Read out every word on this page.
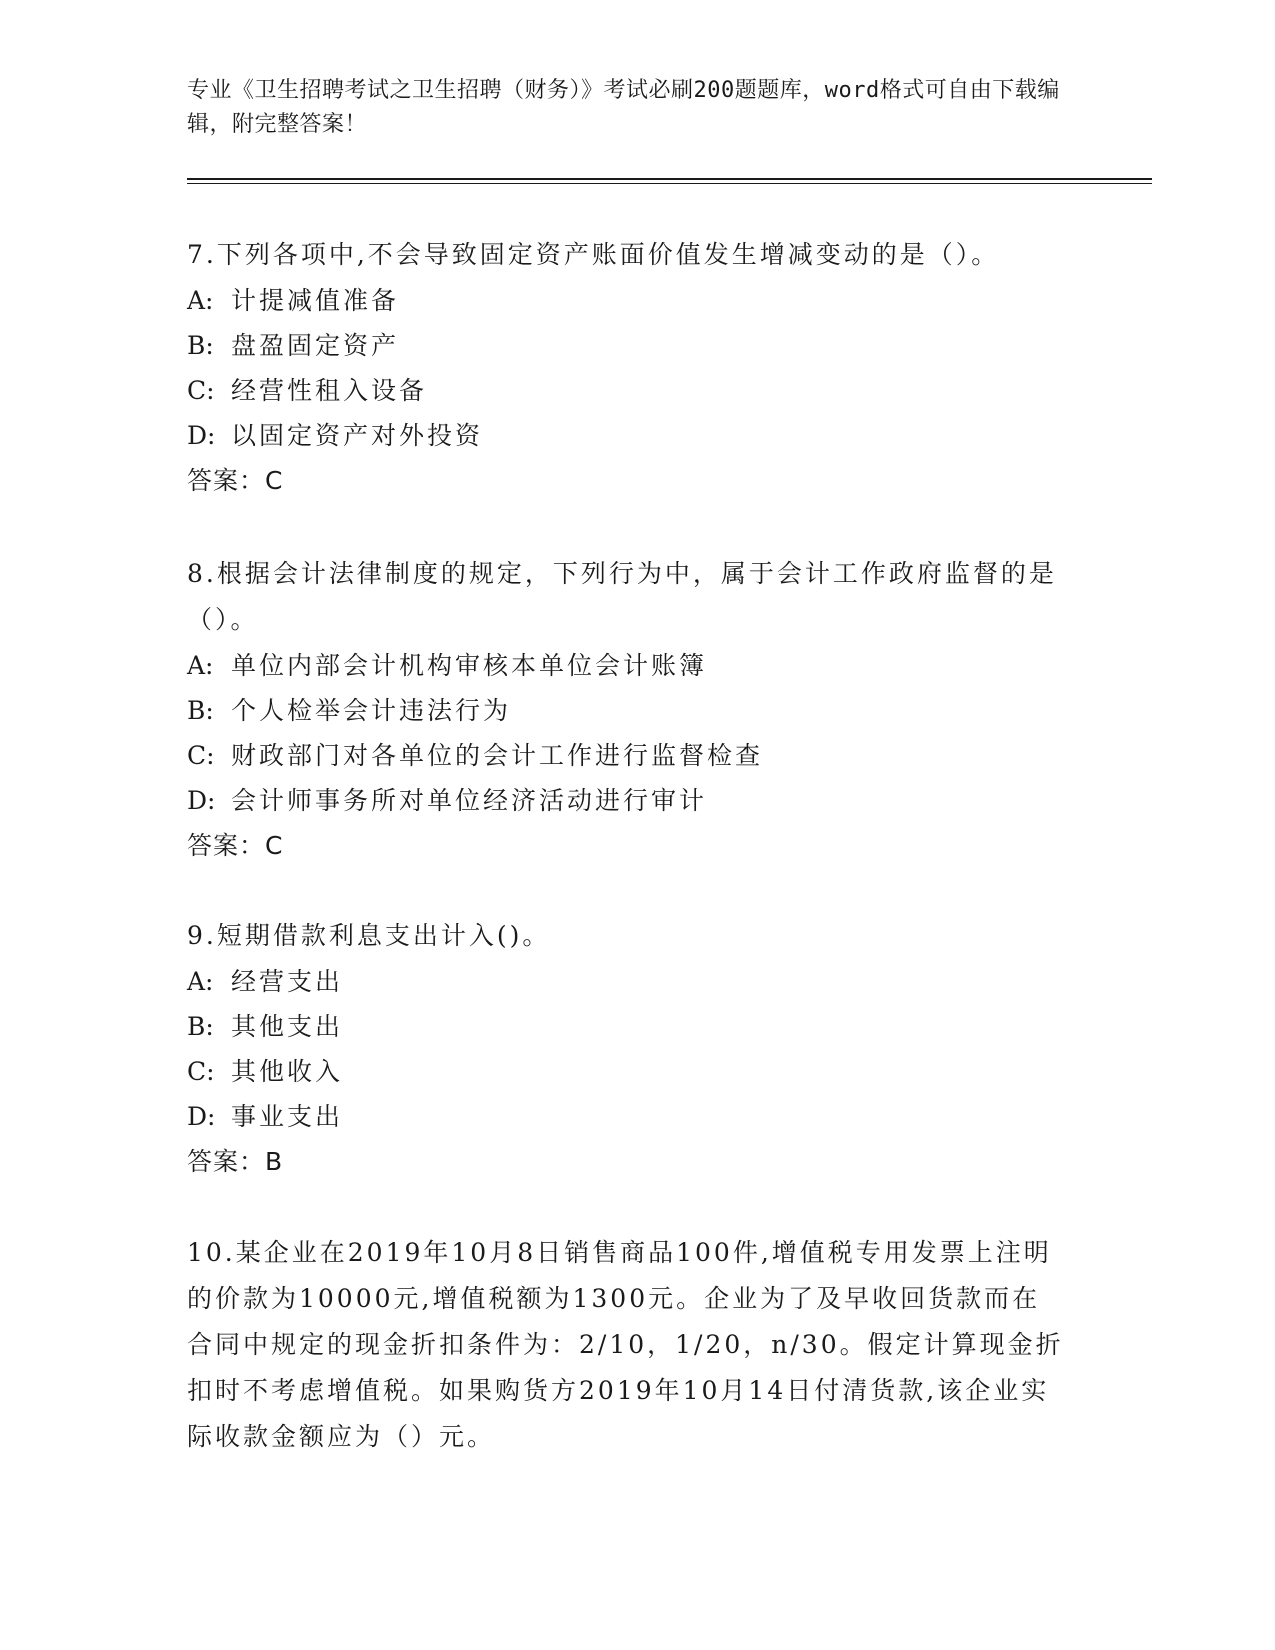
专业《卫生招聘考试之卫生招聘（财务）》考试必刷200题题库，word格式可自由下载编辑，附完整答案！

7.下列各项中,不会导致固定资产账面价值发生增减变动的是（）。

A: 计提减值准备

B: 盘盈固定资产

C: 经营性租入设备

D: 以固定资产对外投资

答案：C

8.根据会计法律制度的规定，下列行为中，属于会计工作政府监督的是（）。

A: 单位内部会计机构审核本单位会计账簿

B: 个人检举会计违法行为

C: 财政部门对各单位的会计工作进行监督检查

D: 会计师事务所对单位经济活动进行审计

答案：C

9.短期借款利息支出计入()。

A: 经营支出

B: 其他支出

C: 其他收入

D: 事业支出

答案：B

10.某企业在2019年10月8日销售商品100件,增值税专用发票上注明的价款为10000元,增值税额为1300元。企业为了及早收回货款而在合同中规定的现金折扣条件为：2/10，1/20，n/30。假定计算现金折扣时不考虑增值税。如果购货方2019年10月14日付清货款,该企业实际收款金额应为（）元。
